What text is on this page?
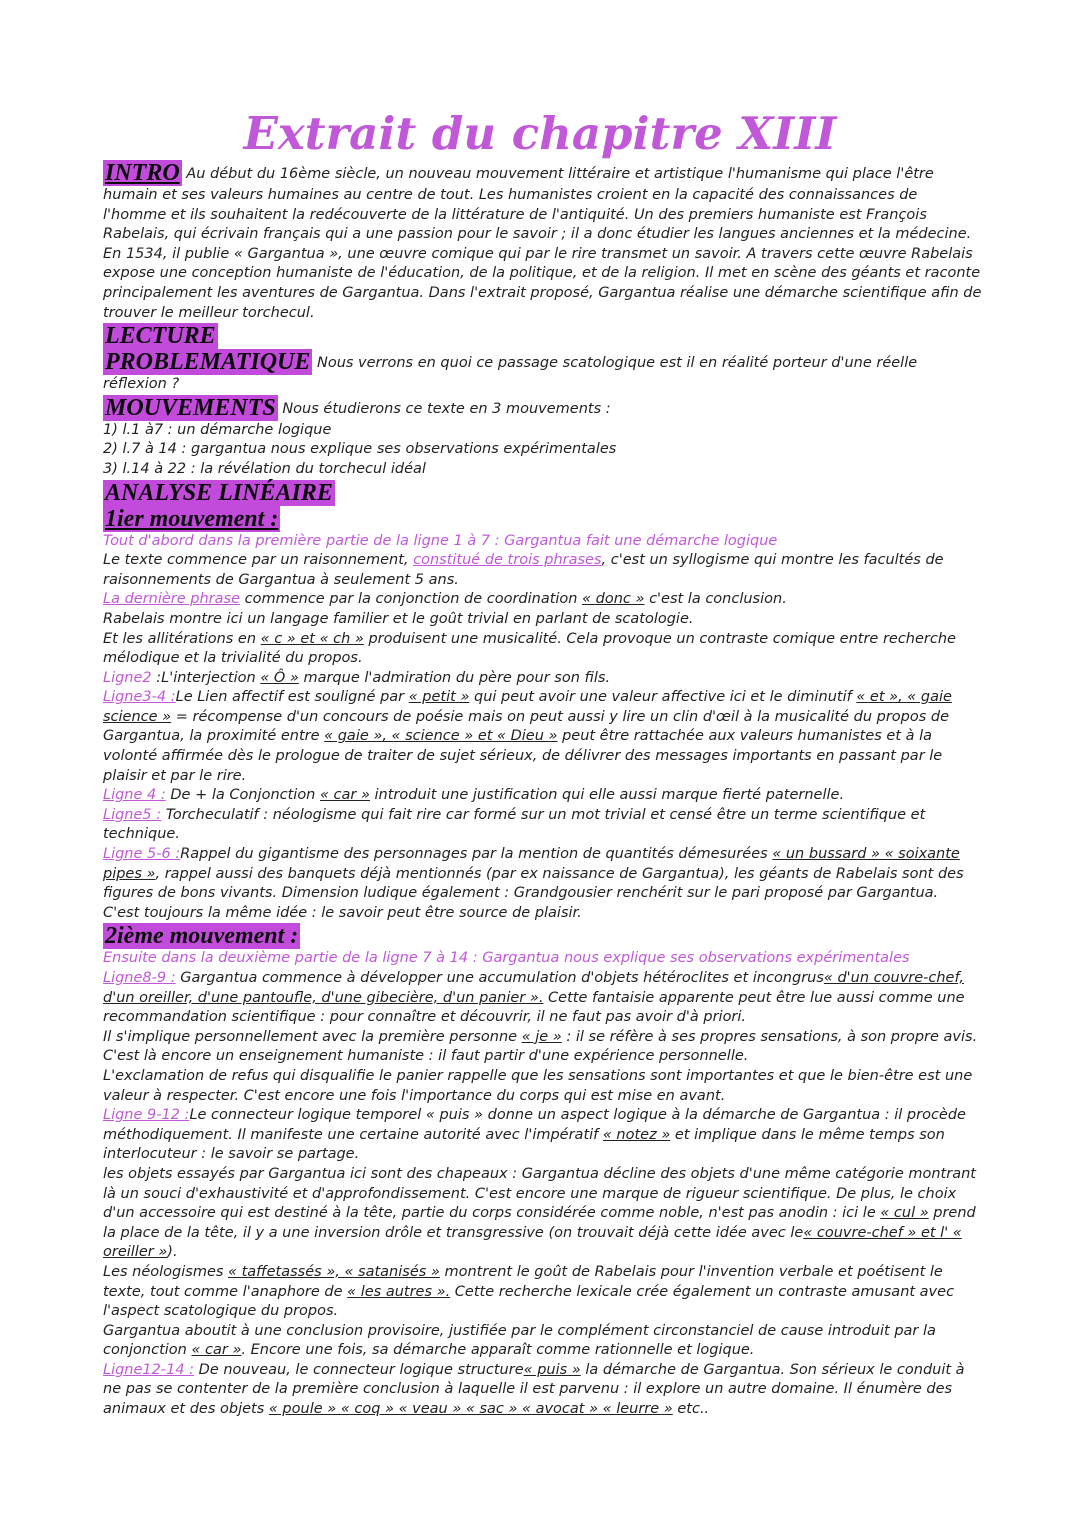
Extrait du chapitre XIII

INTRO Au début du 16ème siècle, un nouveau mouvement littéraire et artistique l'humanisme qui place l'être humain et ses valeurs humaines au centre de tout. Les humanistes croient en la capacité des connaissances de l'homme et ils souhaitent la redécouverte de la littérature de l'antiquité. Un des premiers humaniste est François Rabelais, qui écrivain français qui a une passion pour le savoir ; il a donc étudier les langues anciennes et la médecine. En 1534, il publie « Gargantua », une œuvre comique qui par le rire transmet un savoir. A travers cette œuvre Rabelais expose une conception humaniste de l'éducation, de la politique, et de la religion. Il met en scène des géants et raconte principalement les aventures de Gargantua. Dans l'extrait proposé, Gargantua réalise une démarche scientifique afin de trouver le meilleur torchecul.

LECTURE

PROBLEMATIQUE Nous verrons en quoi ce passage scatologique est il en réalité porteur d'une réelle réflexion ?

MOUVEMENTS Nous étudierons ce texte en 3 mouvements :

1) l.1 à7 : un démarche logique

2) l.7 à 14 : gargantua nous explique ses observations expérimentales

3) l.14 à 22 : la révélation du torchecul idéal

ANALYSE LINÉAIRE

1ier mouvement :

Tout d'abord dans la première partie de la ligne 1 à 7 : Gargantua fait une démarche logique

Le texte commence par un raisonnement, constitué de trois phrases, c'est un syllogisme qui montre les facultés de raisonnements de Gargantua à seulement 5 ans.

La dernière phrase commence par la conjonction de coordination « donc » c'est la conclusion.

Rabelais montre ici un langage familier et le goût trivial en parlant de scatologie.

Et les allitérations en « c » et « ch » produisent une musicalité. Cela provoque un contraste comique entre recherche mélodique et la trivialité du propos.

Ligne2 :L'interjection « Ô » marque l'admiration du père pour son fils.

Ligne3-4 :Le Lien affectif est souligné par « petit » qui peut avoir une valeur affective ici et le diminutif « et », « gaie science » = récompense d'un concours de poésie mais on peut aussi y lire un clin d'œil à la musicalité du propos de Gargantua, la proximité entre « gaie », « science » et « Dieu » peut être rattachée aux valeurs humanistes et à la volonté affirmée dès le prologue de traiter de sujet sérieux, de délivrer des messages importants en passant par le plaisir et par le rire.

Ligne 4 : De + la Conjonction « car » introduit une justification qui elle aussi marque fierté paternelle.

Ligne5 : Torcheculatif : néologisme qui fait rire car formé sur un mot trivial et censé être un terme scientifique et technique.

Ligne 5-6 :Rappel du gigantisme des personnages par la mention de quantités démesurées « un bussard » « soixante pipes », rappel aussi des banquets déjà mentionnés (par ex naissance de Gargantua), les géants de Rabelais sont des figures de bons vivants. Dimension ludique également : Grandgousier renchérit sur le pari proposé par Gargantua.

C'est toujours la même idée : le savoir peut être source de plaisir.

2ième mouvement :

Ensuite dans la deuxième partie de la ligne 7 à 14 : Gargantua nous explique ses observations expérimentales

Ligne8-9 : Gargantua commence à développer une accumulation d'objets hétéroclites et incongrus« d'un couvre-chef, d'un oreiller, d'une pantoufle, d'une gibecière, d'un panier ». Cette fantaisie apparente peut être lue aussi comme une recommandation scientifique : pour connaître et découvrir, il ne faut pas avoir d'à priori.

Il s'implique personnellement avec la première personne « je » : il se réfère à ses propres sensations, à son propre avis. C'est là encore un enseignement humaniste : il faut partir d'une expérience personnelle.

L'exclamation de refus qui disqualifie le panier rappelle que les sensations sont importantes et que le bien-être est une valeur à respecter. C'est encore une fois l'importance du corps qui est mise en avant.

Ligne 9-12 :Le connecteur logique temporel « puis » donne un aspect logique à la démarche de Gargantua : il procède méthodiquement. Il manifeste une certaine autorité avec l'impératif « notez » et implique dans le même temps son interlocuteur : le savoir se partage.

les objets essayés par Gargantua ici sont des chapeaux : Gargantua décline des objets d'une même catégorie montrant là un souci d'exhaustivité et d'approfondissement. C'est encore une marque de rigueur scientifique. De plus, le choix d'un accessoire qui est destiné à la tête, partie du corps considérée comme noble, n'est pas anodin : ici le « cul » prend la place de la tête, il y a une inversion drôle et transgressive (on trouvait déjà cette idée avec le« couvre-chef » et l' « oreiller »).

Les néologismes « taffetassés », « satanisés » montrent le goût de Rabelais pour l'invention verbale et poétisent le texte, tout comme l'anaphore de « les autres ». Cette recherche lexicale crée également un contraste amusant avec l'aspect scatologique du propos.

Gargantua aboutit à une conclusion provisoire, justifiée par le complément circonstanciel de cause introduit par la conjonction « car ». Encore une fois, sa démarche apparaît comme rationnelle et logique.

Ligne12-14 : De nouveau, le connecteur logique structure« puis » la démarche de Gargantua. Son sérieux le conduit à ne pas se contenter de la première conclusion à laquelle il est parvenu : il explore un autre domaine. Il énumère des animaux et des objets « poule » « coq » « veau » « sac » « avocat » « leurre » etc..
